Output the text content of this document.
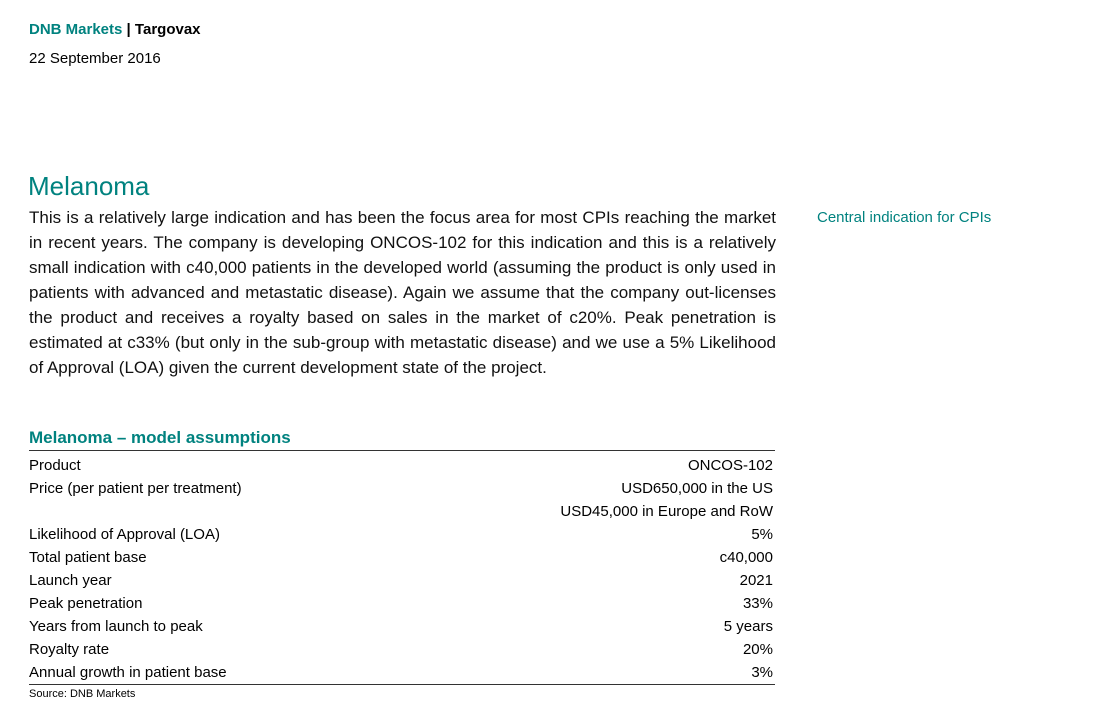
DNB Markets | Targovax
22 September 2016
Melanoma
This is a relatively large indication and has been the focus area for most CPIs reaching the market in recent years. The company is developing ONCOS-102 for this indication and this is a relatively small indication with c40,000 patients in the developed world (assuming the product is only used in patients with advanced and metastatic disease). Again we assume that the company out-licenses the product and receives a royalty based on sales in the market of c20%. Peak penetration is estimated at c33% (but only in the sub-group with metastatic disease) and we use a 5% Likelihood of Approval (LOA) given the current development state of the project.
Central indication for CPIs
Melanoma – model assumptions
Product	ONCOS-102
Price (per patient per treatment)	USD650,000 in the US
USD45,000 in Europe and RoW
Likelihood of Approval (LOA)	5%
Total patient base	c40,000
Launch year	2021
Peak penetration	33%
Years from launch to peak	5 years
Royalty rate	20%
Annual growth in patient base	3%
Source: DNB Markets
